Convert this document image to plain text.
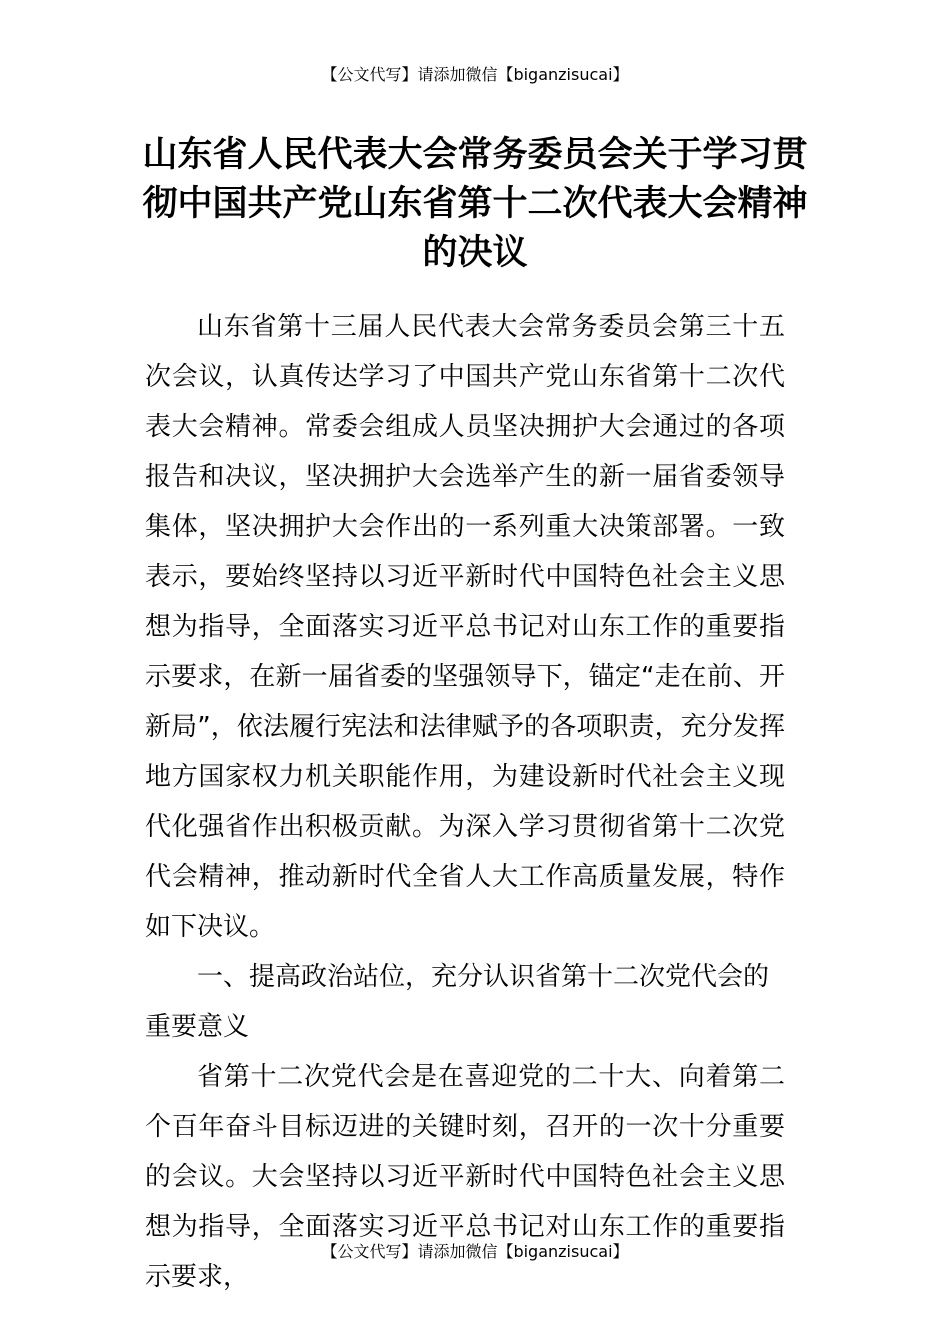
【公文代写】请添加微信【biganzisucai】
山东省人民代表大会常务委员会关于学习贯彻中国共产党山东省第十二次代表大会精神的决议

山东省第十三届人民代表大会常务委员会第三十五次会议，认真传达学习了中国共产党山东省第十二次代表大会精神。常委会组成人员坚决拥护大会通过的各项报告和决议，坚决拥护大会选举产生的新一届省委领导集体，坚决拥护大会作出的一系列重大决策部署。一致表示，要始终坚持以习近平新时代中国特色社会主义思想为指导，全面落实习近平总书记对山东工作的重要指示要求，在新一届省委的坚强领导下，锚定“走在前、开新局”，依法履行宪法和法律赋予的各项职责，充分发挥地方国家权力机关职能作用，为建设新时代社会主义现代化强省作出积极贡献。为深入学习贯彻省第十二次党代会精神，推动新时代全省人大工作高质量发展，特作如下决议。

一、提高政治站位，充分认识省第十二次党代会的重要意义

省第十二次党代会是在喜迎党的二十大、向着第二个百年奋斗目标迈进的关键时刻，召开的一次十分重要的会议。大会坚持以习近平新时代中国特色社会主义思想为指导，全面落实习近平总书记对山东工作的重要指示要求，

【公文代写】请添加微信【biganzisucai】
